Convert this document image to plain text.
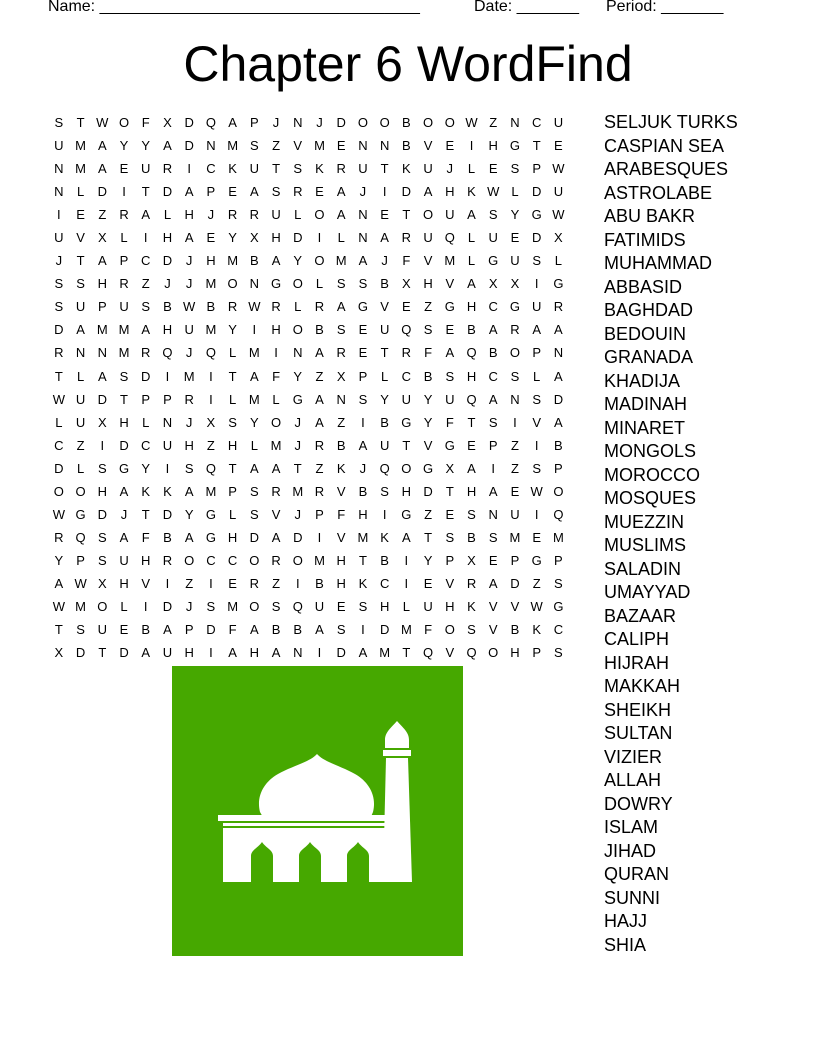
Name: ____________________________________	Date: _______ Period: _______
Chapter 6 WordFind
S	T W O F	X D Q A	P	J	N	J	D O O B O O W Z	N C U
U M A	Y	Y	A D N M S	Z	V M E N N B	V	E	I	H G T	E
N M A	E U R	I	C K U	T	S	K R U	T	K U	J	L	E	S	P W
N	L	D	I	T	D A	P	E	A	S R E	A	J	I	D A H K W L	D U
I	E	Z	R A	L	H	J	R R U	L	O A N E	T O U A	S	Y G W
U V	X	L	I	H A	E	Y	X H D	I	L	N A R U Q	L	U E D X
J	T	A	P C D	J	H M B	A	Y O M A	J	F	V M L	G U S	L
S	S H R	Z	J	J	M O N G O	L	S	S	B	X H V	A	X	X	I	G
S U P U S	B W B R W R	L	R A G V	E	Z G H C G U R
D A M M A H U M Y	I	H O B	S	E U Q S	E	B	A R A	A
R N N M R Q	J	Q	L M	I	N A R E	T	R	F	A Q B O P N
T	L	A	S D	I	M	I	T	A	F	Y	Z	X	P	L	C B	S H C S	L	A
W U D	T	P	P R	I	L M L	G A N S	Y U Y U Q A N S D
L	U X H	L	N	J	X	S	Y O	J	A	Z	I	B G Y	F	T	S	I	V	A
C	Z	I	D C U H	Z	H	L M	J	R B	A U	T	V G E	P	Z	I	B
D	L	S G Y	I	S Q T	A	A	T	Z	K	J	Q O G X	A	I	Z	S	P
O O H A	K	K	A M P	S R M R V	B	S H D	T	H A	E W O
W G D	J	T	D Y G	L	S	V	J	P	F	H	I	G Z	E	S N U	I	Q
R Q S	A	F	B	A G H D A D	I	V M K	A	T	S	B	S M E M
Y	P	S U H R O C C O R O M H	T	B	I	Y	P	X	E	P G P
A W X H V	I	Z	I	E R	Z	I	B H K C	I	E	V R A D	Z	S
W M O	L	I	D	J	S M O S Q U E	S H	L	U H K	V	V W G
T	S U E	B	A	P D	F	A	B	B	A	S	I	D M F O S	V	B	K C
X D	T	D A U H	I	A H A N	I	D A M T Q V Q O H P	S
SELJUK TURKS
CASPIAN SEA
ARABESQUES
ASTROLABE
ABU BAKR
FATIMIDS
MUHAMMAD
ABBASID
BAGHDAD
BEDOUIN
GRANADA
KHADIJA
MADINAH
MINARET
MONGOLS
MOROCCO
MOSQUES
MUEZZIN
MUSLIMS
SALADIN
UMAYYAD
BAZAAR
CALIPH
HIJRAH
MAKKAH
SHEIKH
SULTAN
VIZIER
ALLAH
DOWRY
ISLAM
JIHAD
QURAN
SUNNI
HAJJ
SHIA
